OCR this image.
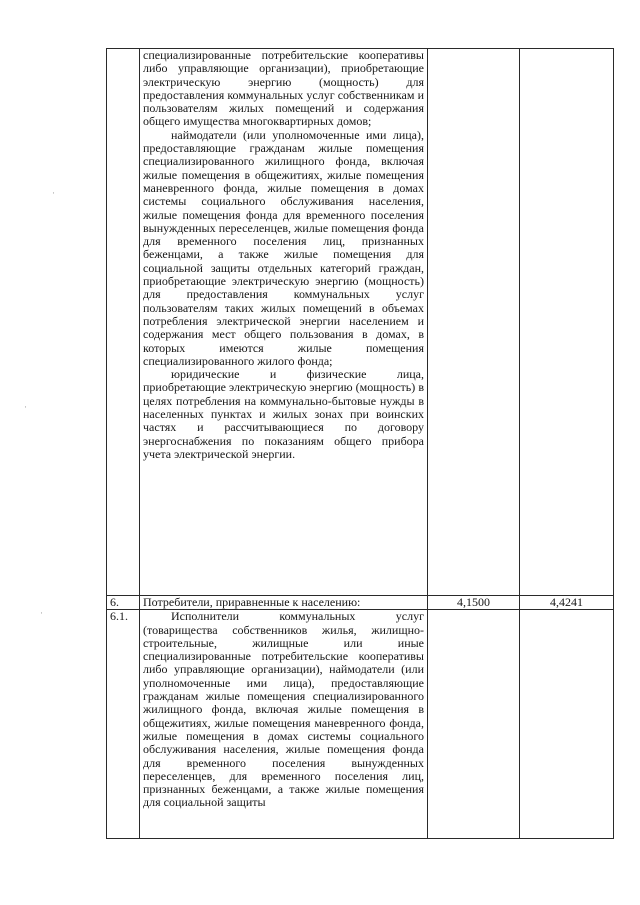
·
·
·

	специализированные потребительские кооперативы либо управляющие организации), приобретающие электрическую энергию (мощность) для предоставления коммунальных услуг собственникам и пользователям жилых помещений и содержания общего имущества многоквартирных домов;

наймодатели (или уполномоченные ими лица), предоставляющие гражданам жилые помещения специализированного жилищного фонда, включая жилые помещения в общежитиях, жилые помещения маневренного фонда, жилые помещения в домах системы социального обслуживания населения, жилые помещения фонда для временного поселения вынужденных переселенцев, жилые помещения фонда для временного поселения лиц, признанных беженцами, а также жилые помещения для социальной защиты отдельных категорий граждан, приобретающие электрическую энергию (мощность) для предоставления коммунальных услуг пользователям таких жилых помещений в объемах потребления электрической энергии населением и содержания мест общего пользования в домах, в которых имеются жилые помещения специализированного жилого фонда;

юридические и физические лица, приобретающие электрическую энергию (мощность) в целях потребления на коммунально-бытовые нужды в населенных пунктах и жилых зонах при воинских частях и рассчитывающиеся по договору энергоснабжения по показаниям общего прибора учета электрической энергии.		

6.	Потребители, приравненные к населению:	4,1500	4,4241
6.1.	Исполнители коммунальных услуг (товарищества собственников жилья, жилищно-строительные, жилищные или иные специализированные потребительские кооперативы либо управляющие организации), наймодатели (или уполномоченные ими лица), предоставляющие гражданам жилые помещения специализированного жилищного фонда, включая жилые помещения в общежитиях, жилые помещения маневренного фонда, жилые помещения в домах системы социального обслуживания населения, жилые помещения фонда для временного поселения вынужденных переселенцев, для временного поселения лиц, признанных беженцами, а также жилые помещения для социальной защиты		
